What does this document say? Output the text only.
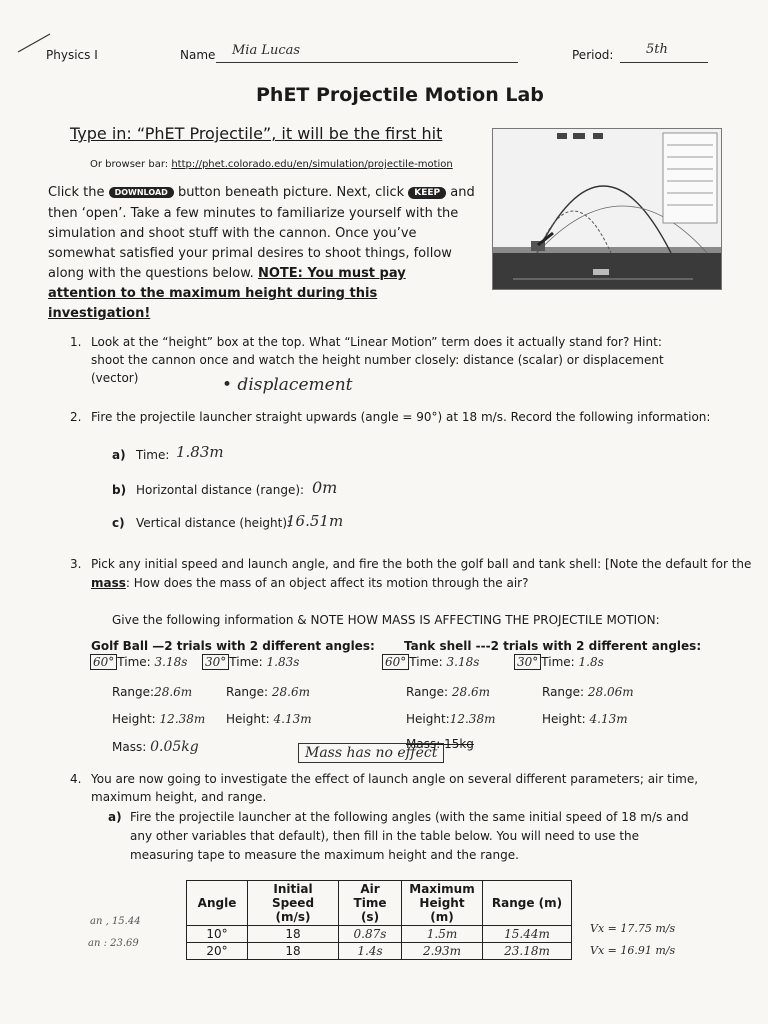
Physics I	Name Mia Lucas	Period:	5th
PhET Projectile Motion Lab
Type in: “PhET Projectile”, it will be the first hit
Or browser bar: http://phet.colorado.edu/en/simulation/projectile-motion
Click the DOWNLOAD button beneath picture. Next, click KEEP and
then ‘open’. Take a few minutes to familiarize yourself with the simulation and shoot stuff with the cannon. Once you’ve somewhat satisfied your primal desires to shoot things, follow along with the questions below. NOTE: You must pay attention to the maximum height during this investigation!
1. Look at the “height” box at the top. What “Linear Motion” term does it actually stand for? Hint: shoot the cannon once and watch the height number closely: distance (scalar) or displacement (vector)	• displacement
2. Fire the projectile launcher straight upwards (angle = 90°) at 18 m/s. Record the following information:
a) Time: 1.83m
b) Horizontal distance (range): 0m
c) Vertical distance (height):
16.51m
3. Pick any initial speed and launch angle, and fire the both the golf ball and tank shell: [Note the default for the
mass: How does the mass of an object affect its motion through the air?
Give the following information & NOTE HOW MASS IS AFFECTING THE PROJECTILE MOTION:
Golf Ball —2 trials with 2 different angles: Tank shell ---2 trials with 2 different angles:
60° Time: 3.18s 30° Time: 1.83s	60° Time: 3.18s	30° Time: 1.8s
Range:28.6m	Range: 28.6m	Range: 28.6m	Range: 28.06m
Height: 12.38m Height: 4.13m	Height:12.38m	Height: 4.13m
Mass: 0.05kg	Mass: 15kg
Mass has no effect
4. You are now going to investigate the effect of launch angle on several different parameters; air time, maximum height, and range.
a) Fire the projectile launcher at the following angles (with the same initial speed of 18 m/s and any other variables that default), then fill in the table below. You will need to use the measuring tape to measure the maximum height and the range.
Angle	Initial Speed (m/s)	Air Time (s)	Maximum Height (m)	Range (m)
10°	18	0.87s	1.5m	15.44m
20°	18	1.4s	2.93m	23.18m
an , 15.44
an : 23.69
Vx = 17.75 m/s
Vx = 16.91 m/s
